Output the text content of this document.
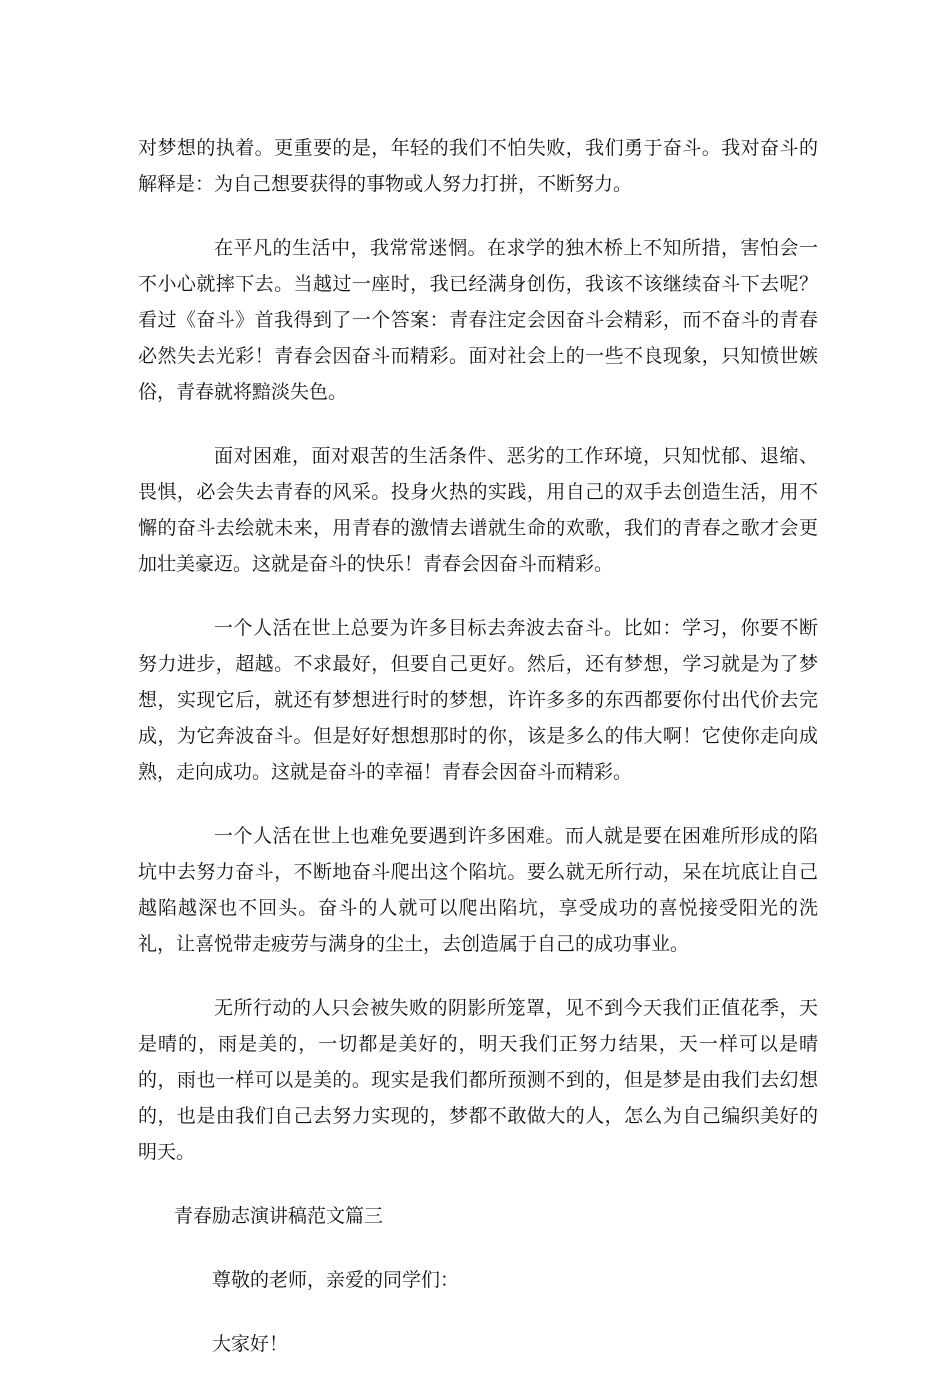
对梦想的执着。更重要的是，年轻的我们不怕失败，我们勇于奋斗。我对奋斗的解释是：为自己想要获得的事物或人努力打拼，不断努力。

在平凡的生活中，我常常迷惘。在求学的独木桥上不知所措，害怕会一不小心就摔下去。当越过一座时，我已经满身创伤，我该不该继续奋斗下去呢？看过《奋斗》首我得到了一个答案：青春注定会因奋斗会精彩，而不奋斗的青春必然失去光彩！青春会因奋斗而精彩。面对社会上的一些不良现象，只知愤世嫉俗，青春就将黯淡失色。

面对困难，面对艰苦的生活条件、恶劣的工作环境，只知忧郁、退缩、畏惧，必会失去青春的风采。投身火热的实践，用自己的双手去创造生活，用不懈的奋斗去绘就未来，用青春的激情去谱就生命的欢歌，我们的青春之歌才会更加壮美豪迈。这就是奋斗的快乐！青春会因奋斗而精彩。

一个人活在世上总要为许多目标去奔波去奋斗。比如：学习，你要不断努力进步，超越。不求最好，但要自己更好。然后，还有梦想，学习就是为了梦想，实现它后，就还有梦想进行时的梦想，许许多多的东西都要你付出代价去完成，为它奔波奋斗。但是好好想想那时的你，该是多么的伟大啊！它使你走向成熟，走向成功。这就是奋斗的幸福！青春会因奋斗而精彩。

一个人活在世上也难免要遇到许多困难。而人就是要在困难所形成的陷坑中去努力奋斗，不断地奋斗爬出这个陷坑。要么就无所行动，呆在坑底让自己越陷越深也不回头。奋斗的人就可以爬出陷坑，享受成功的喜悦接受阳光的洗礼，让喜悦带走疲劳与满身的尘土，去创造属于自己的成功事业。

无所行动的人只会被失败的阴影所笼罩，见不到今天我们正值花季，天是晴的，雨是美的，一切都是美好的，明天我们正努力结果，天一样可以是晴的，雨也一样可以是美的。现实是我们都所预测不到的，但是梦是由我们去幻想的，也是由我们自己去努力实现的，梦都不敢做大的人，怎么为自己编织美好的明天。

青春励志演讲稿范文篇三
尊敬的老师，亲爱的同学们：
大家好！
